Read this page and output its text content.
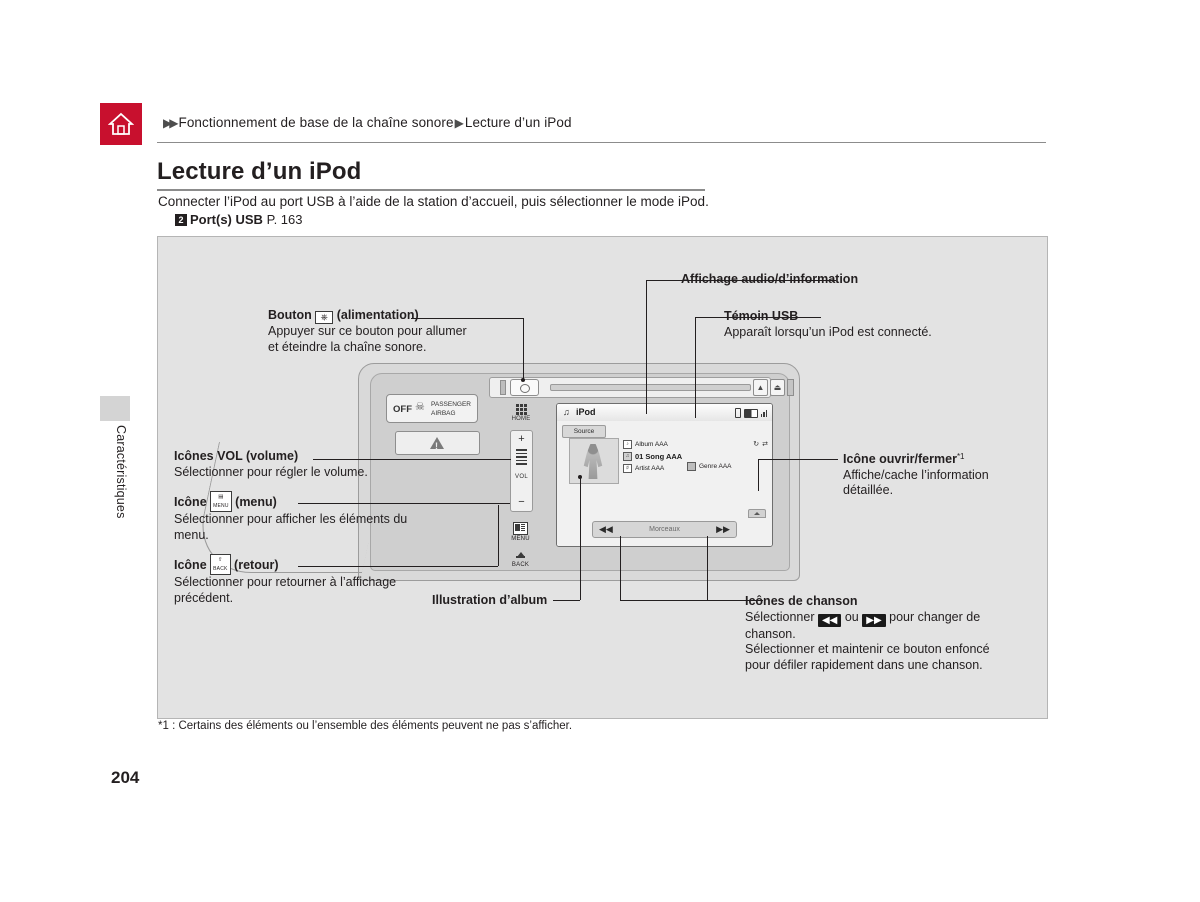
▶▶ Fonctionnement de base de la chaîne sonore▶ Lecture d’un iPod
Caractéristiques
Lecture d’un iPod
Connecter l’iPod au port USB à l’aide de la station d’accueil, puis sélectionner le mode iPod.
2 Port(s) USB P. 163
▲	⏏
OFF ☠ PASSENGER
AIRBAG
!
HOME
+
VOL
−
MENU
BACK
♫ iPod
Source
♪ Album AAA
♫ 01 Song AAA
♯ Artist AAA	Genre AAA
↻ ⇄
◀◀	Morceaux	▶▶
Affichage audio/d’information
Témoin USB
Apparaît lorsqu’un iPod est connecté.
Bouton ⎈ (alimentation)
Appuyer sur ce bouton pour allumer
et éteindre la chaîne sonore.
Icônes VOL (volume)
Sélectionner pour régler le volume.
Icône ▤
MENU (menu)
Sélectionner pour afficher les éléments du
menu.
Icône ⇧
BACK (retour)
Sélectionner pour retourner à l’affichage
précédent.	Illustration d’album
Icône ouvrir/fermer$^{*1}$
Affiche/cache l’information
détaillée.
Icônes de chanson
Sélectionner ◀◀ ou ▶▶ pour changer de
chanson.
Sélectionner et maintenir ce bouton enfoncé
pour défiler rapidement dans une chanson.
*1 : Certains des éléments ou l’ensemble des éléments peuvent ne pas s’afficher.
204
